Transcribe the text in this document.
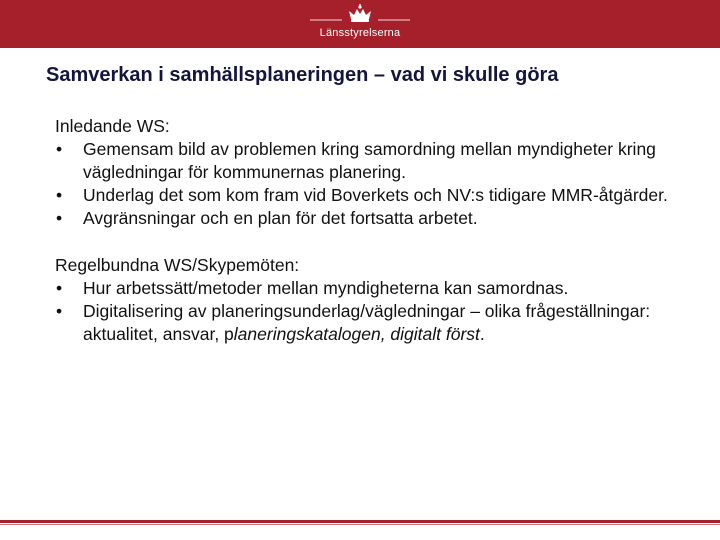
Länsstyrelserna
Samverkan i samhällsplaneringen – vad vi skulle göra

Inledande WS:

• Gemensam bild av problemen kring samordning mellan myndigheter kring vägledningar för kommunernas planering.
• Underlag det som kom fram vid Boverkets och NV:s tidigare MMR-åtgärder.
• Avgränsningar och en plan för det fortsatta arbetet.

Regelbundna WS/Skypemöten:

• Hur arbetssätt/metoder mellan myndigheterna kan samordnas.
• Digitalisering av planeringsunderlag/vägledningar – olika frågeställningar: aktualitet, ansvar, planeringskatalogen, digitalt först.
